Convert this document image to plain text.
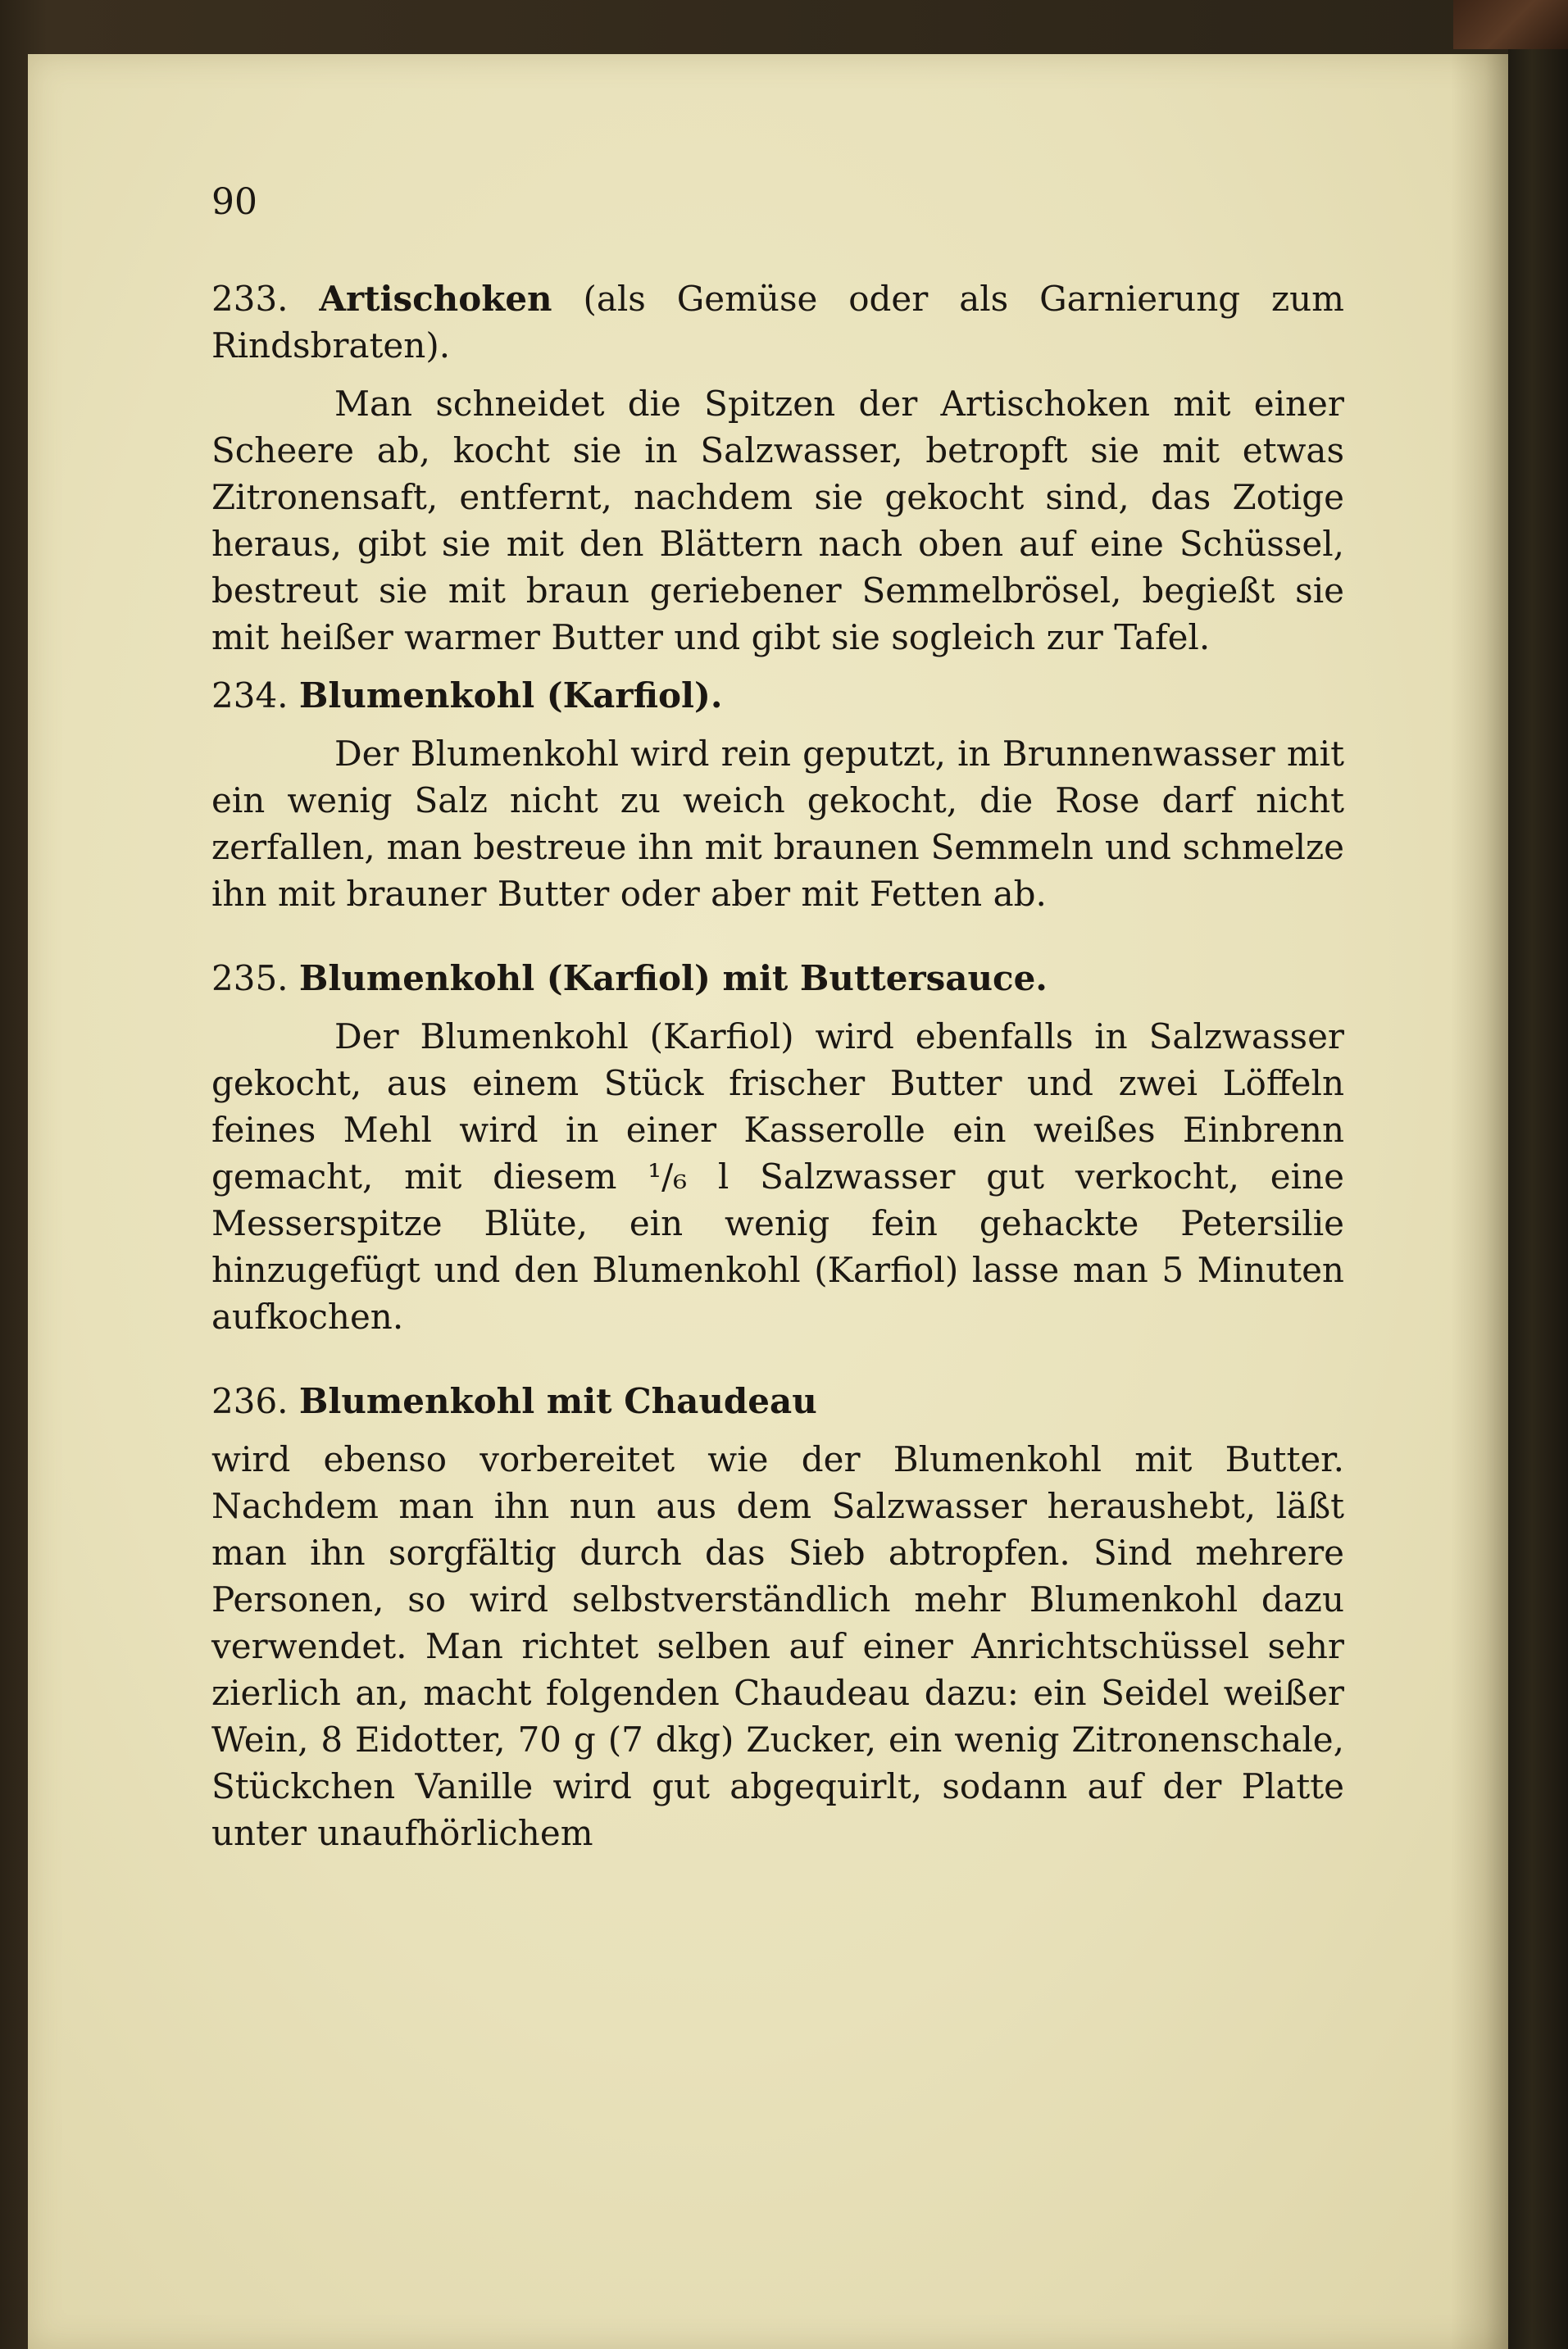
90

233. Artischoken (als Gemüse oder als Garnierung zum Rindsbraten).

Man schneidet die Spitzen der Artischoken mit einer Scheere ab, kocht sie in Salzwasser, betropft sie mit etwas Zitronensaft, entfernt, nachdem sie gekocht sind, das Zotige heraus, gibt sie mit den Blättern nach oben auf eine Schüssel, bestreut sie mit braun geriebener Semmelbrösel, begießt sie mit heißer warmer Butter und gibt sie sogleich zur Tafel.

234. Blumenkohl (Karfiol).

Der Blumenkohl wird rein geputzt, in Brunnenwasser mit ein wenig Salz nicht zu weich gekocht, die Rose darf nicht zerfallen, man bestreue ihn mit braunen Semmeln und schmelze ihn mit brauner Butter oder aber mit Fetten ab.

235. Blumenkohl (Karfiol) mit Buttersauce.

Der Blumenkohl (Karfiol) wird ebenfalls in Salzwasser gekocht, aus einem Stück frischer Butter und zwei Löffeln feines Mehl wird in einer Kasserolle ein weißes Einbrenn gemacht, mit diesem ¹/₆ l Salzwasser gut verkocht, eine Messerspitze Blüte, ein wenig fein gehackte Petersilie hinzugefügt und den Blumenkohl (Karfiol) lasse man 5 Minuten aufkochen.

236. Blumenkohl mit Chaudeau

wird ebenso vorbereitet wie der Blumenkohl mit Butter. Nachdem man ihn nun aus dem Salzwasser heraushebt, läßt man ihn sorgfältig durch das Sieb abtropfen. Sind mehrere Personen, so wird selbstverständlich mehr Blumenkohl dazu verwendet. Man richtet selben auf einer Anrichtschüssel sehr zierlich an, macht folgenden Chaudeau dazu: ein Seidel weißer Wein, 8 Eidotter, 70 g (7 dkg) Zucker, ein wenig Zitronenschale, Stückchen Vanille wird gut abgequirlt, sodann auf der Platte unter unaufhörlichem
